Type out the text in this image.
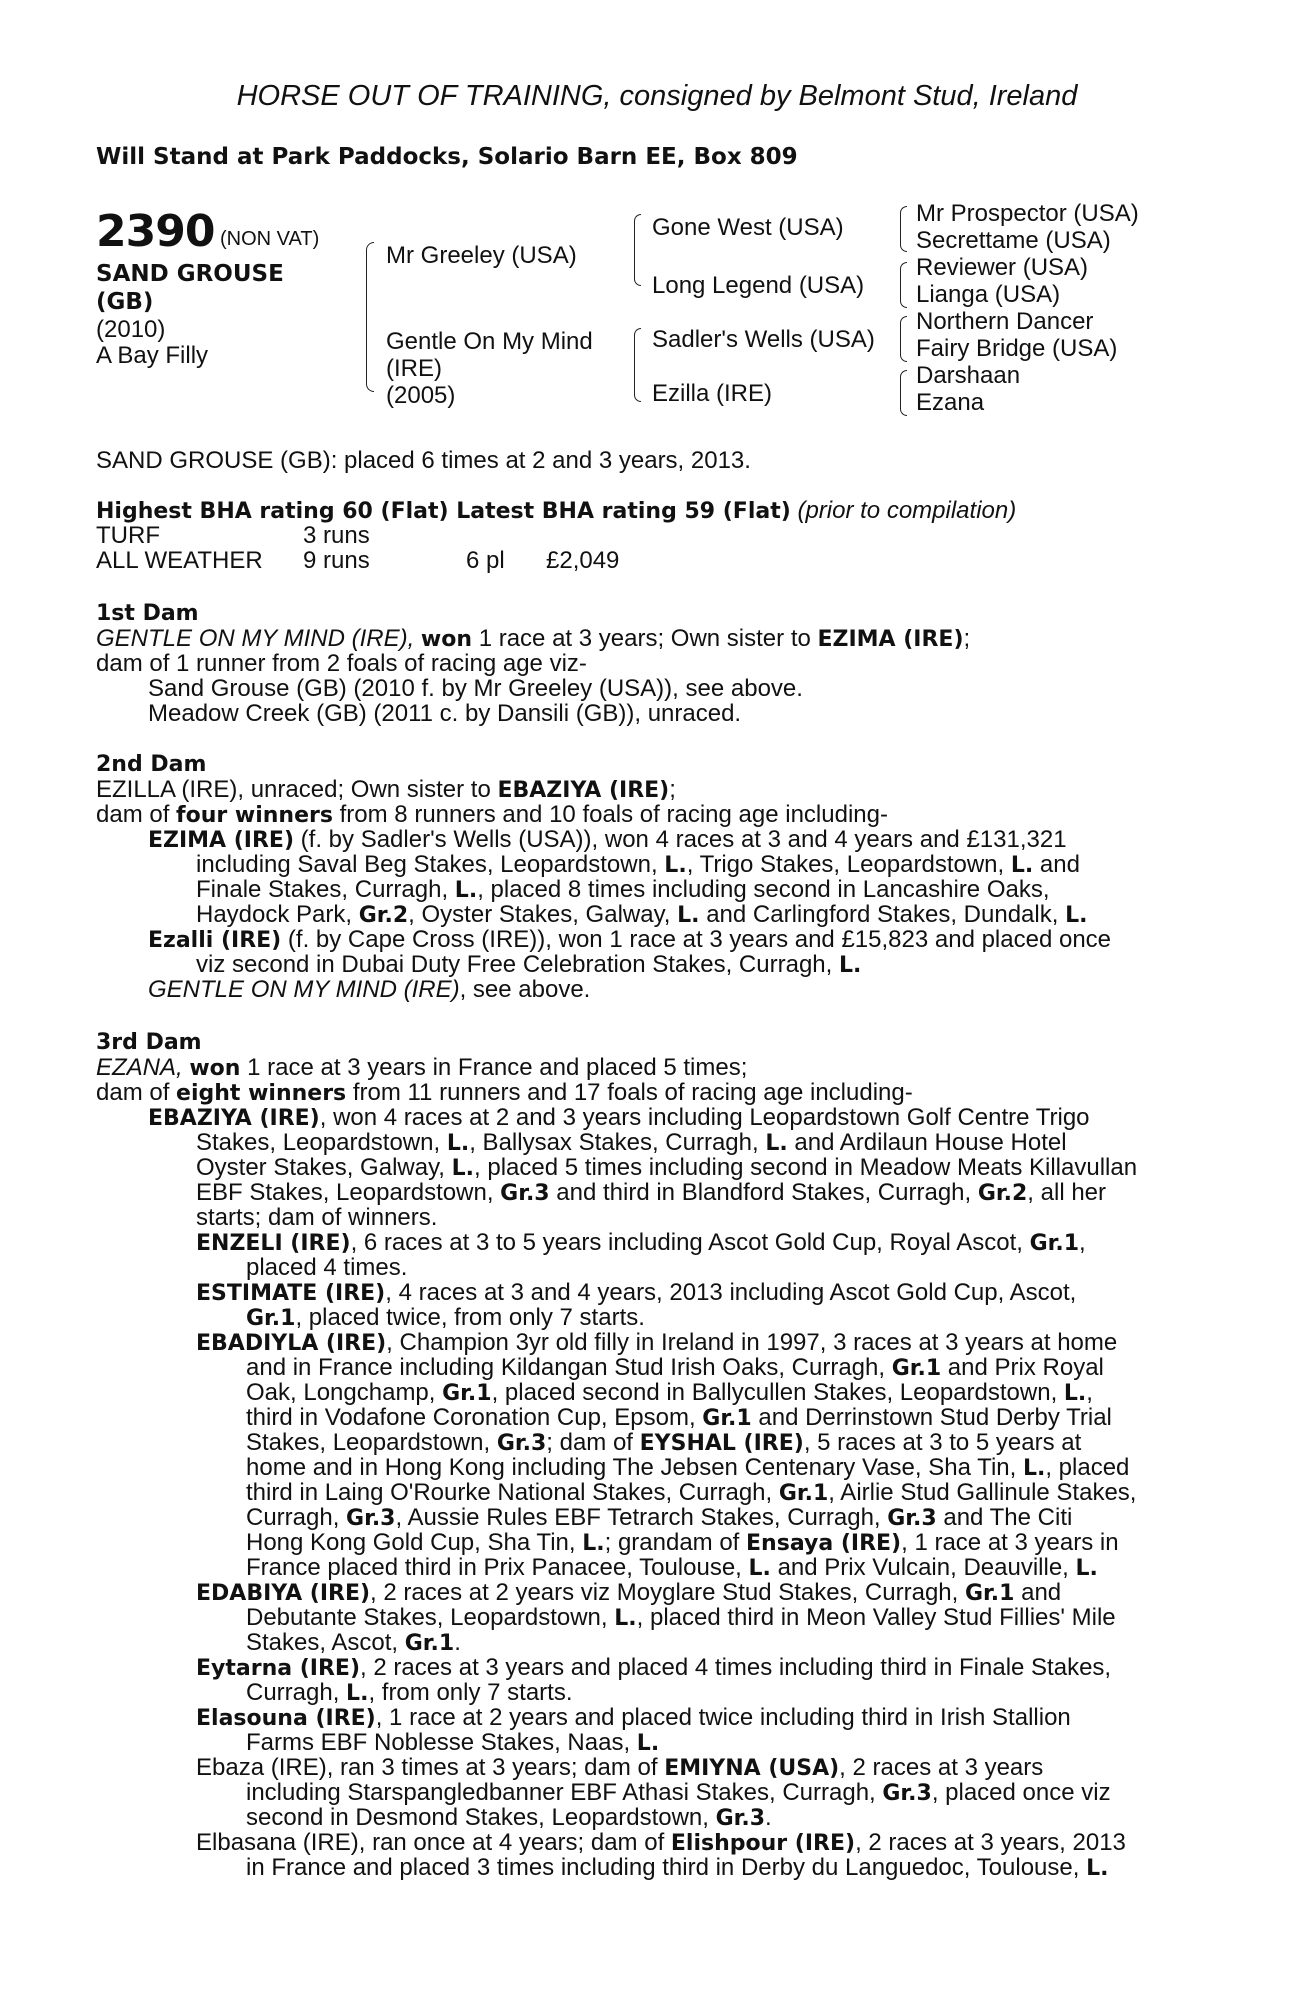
HORSE OUT OF TRAINING, consigned by Belmont Stud, Ireland
Will Stand at Park Paddocks, Solario Barn EE, Box 809
2390 (NON VAT)
SAND GROUSE
(GB)
(2010)
A Bay Filly
Mr Greeley (USA)
Gentle On My Mind
(IRE)
(2005)
Gone West (USA)
Long Legend (USA)
Sadler's Wells (USA)
Ezilla (IRE)
Mr Prospector (USA)
Secrettame (USA)
Reviewer (USA)
Lianga (USA)
Northern Dancer
Fairy Bridge (USA)
Darshaan
Ezana
SAND GROUSE (GB): placed 6 times at 2 and 3 years, 2013.
Highest BHA rating 60 (Flat) Latest BHA rating 59 (Flat) (prior to compilation)
TURF	3 runs
ALL WEATHER 9 runs	6 pl £2,049
1st Dam
GENTLE ON MY MIND (IRE), won 1 race at 3 years; Own sister to EZIMA (IRE);
dam of 1 runner from 2 foals of racing age viz-
Sand Grouse (GB) (2010 f. by Mr Greeley (USA)), see above.
Meadow Creek (GB) (2011 c. by Dansili (GB)), unraced.
2nd Dam
EZILLA (IRE), unraced; Own sister to EBAZIYA (IRE);
dam of four winners from 8 runners and 10 foals of racing age including-
EZIMA (IRE) (f. by Sadler's Wells (USA)), won 4 races at 3 and 4 years and £131,321
including Saval Beg Stakes, Leopardstown, L., Trigo Stakes, Leopardstown, L. and
Finale Stakes, Curragh, L., placed 8 times including second in Lancashire Oaks,
Haydock Park, Gr.2, Oyster Stakes, Galway, L. and Carlingford Stakes, Dundalk, L.
Ezalli (IRE) (f. by Cape Cross (IRE)), won 1 race at 3 years and £15,823 and placed once
viz second in Dubai Duty Free Celebration Stakes, Curragh, L.
GENTLE ON MY MIND (IRE), see above.
3rd Dam
EZANA, won 1 race at 3 years in France and placed 5 times;
dam of eight winners from 11 runners and 17 foals of racing age including-
EBAZIYA (IRE), won 4 races at 2 and 3 years including Leopardstown Golf Centre Trigo
Stakes, Leopardstown, L., Ballysax Stakes, Curragh, L. and Ardilaun House Hotel
Oyster Stakes, Galway, L., placed 5 times including second in Meadow Meats Killavullan
EBF Stakes, Leopardstown, Gr.3 and third in Blandford Stakes, Curragh, Gr.2, all her
starts; dam of winners.
ENZELI (IRE), 6 races at 3 to 5 years including Ascot Gold Cup, Royal Ascot, Gr.1,
placed 4 times.
ESTIMATE (IRE), 4 races at 3 and 4 years, 2013 including Ascot Gold Cup, Ascot,
Gr.1, placed twice, from only 7 starts.
EBADIYLA (IRE), Champion 3yr old filly in Ireland in 1997, 3 races at 3 years at home
and in France including Kildangan Stud Irish Oaks, Curragh, Gr.1 and Prix Royal
Oak, Longchamp, Gr.1, placed second in Ballycullen Stakes, Leopardstown, L.,
third in Vodafone Coronation Cup, Epsom, Gr.1 and Derrinstown Stud Derby Trial
Stakes, Leopardstown, Gr.3; dam of EYSHAL (IRE), 5 races at 3 to 5 years at
home and in Hong Kong including The Jebsen Centenary Vase, Sha Tin, L., placed
third in Laing O'Rourke National Stakes, Curragh, Gr.1, Airlie Stud Gallinule Stakes,
Curragh, Gr.3, Aussie Rules EBF Tetrarch Stakes, Curragh, Gr.3 and The Citi
Hong Kong Gold Cup, Sha Tin, L.; grandam of Ensaya (IRE), 1 race at 3 years in
France placed third in Prix Panacee, Toulouse, L. and Prix Vulcain, Deauville, L.
EDABIYA (IRE), 2 races at 2 years viz Moyglare Stud Stakes, Curragh, Gr.1 and
Debutante Stakes, Leopardstown, L., placed third in Meon Valley Stud Fillies' Mile
Stakes, Ascot, Gr.1.
Eytarna (IRE), 2 races at 3 years and placed 4 times including third in Finale Stakes,
Curragh, L., from only 7 starts.
Elasouna (IRE), 1 race at 2 years and placed twice including third in Irish Stallion
Farms EBF Noblesse Stakes, Naas, L.
Ebaza (IRE), ran 3 times at 3 years; dam of EMIYNA (USA), 2 races at 3 years
including Starspangledbanner EBF Athasi Stakes, Curragh, Gr.3, placed once viz
second in Desmond Stakes, Leopardstown, Gr.3.
Elbasana (IRE), ran once at 4 years; dam of Elishpour (IRE), 2 races at 3 years, 2013
in France and placed 3 times including third in Derby du Languedoc, Toulouse, L.
